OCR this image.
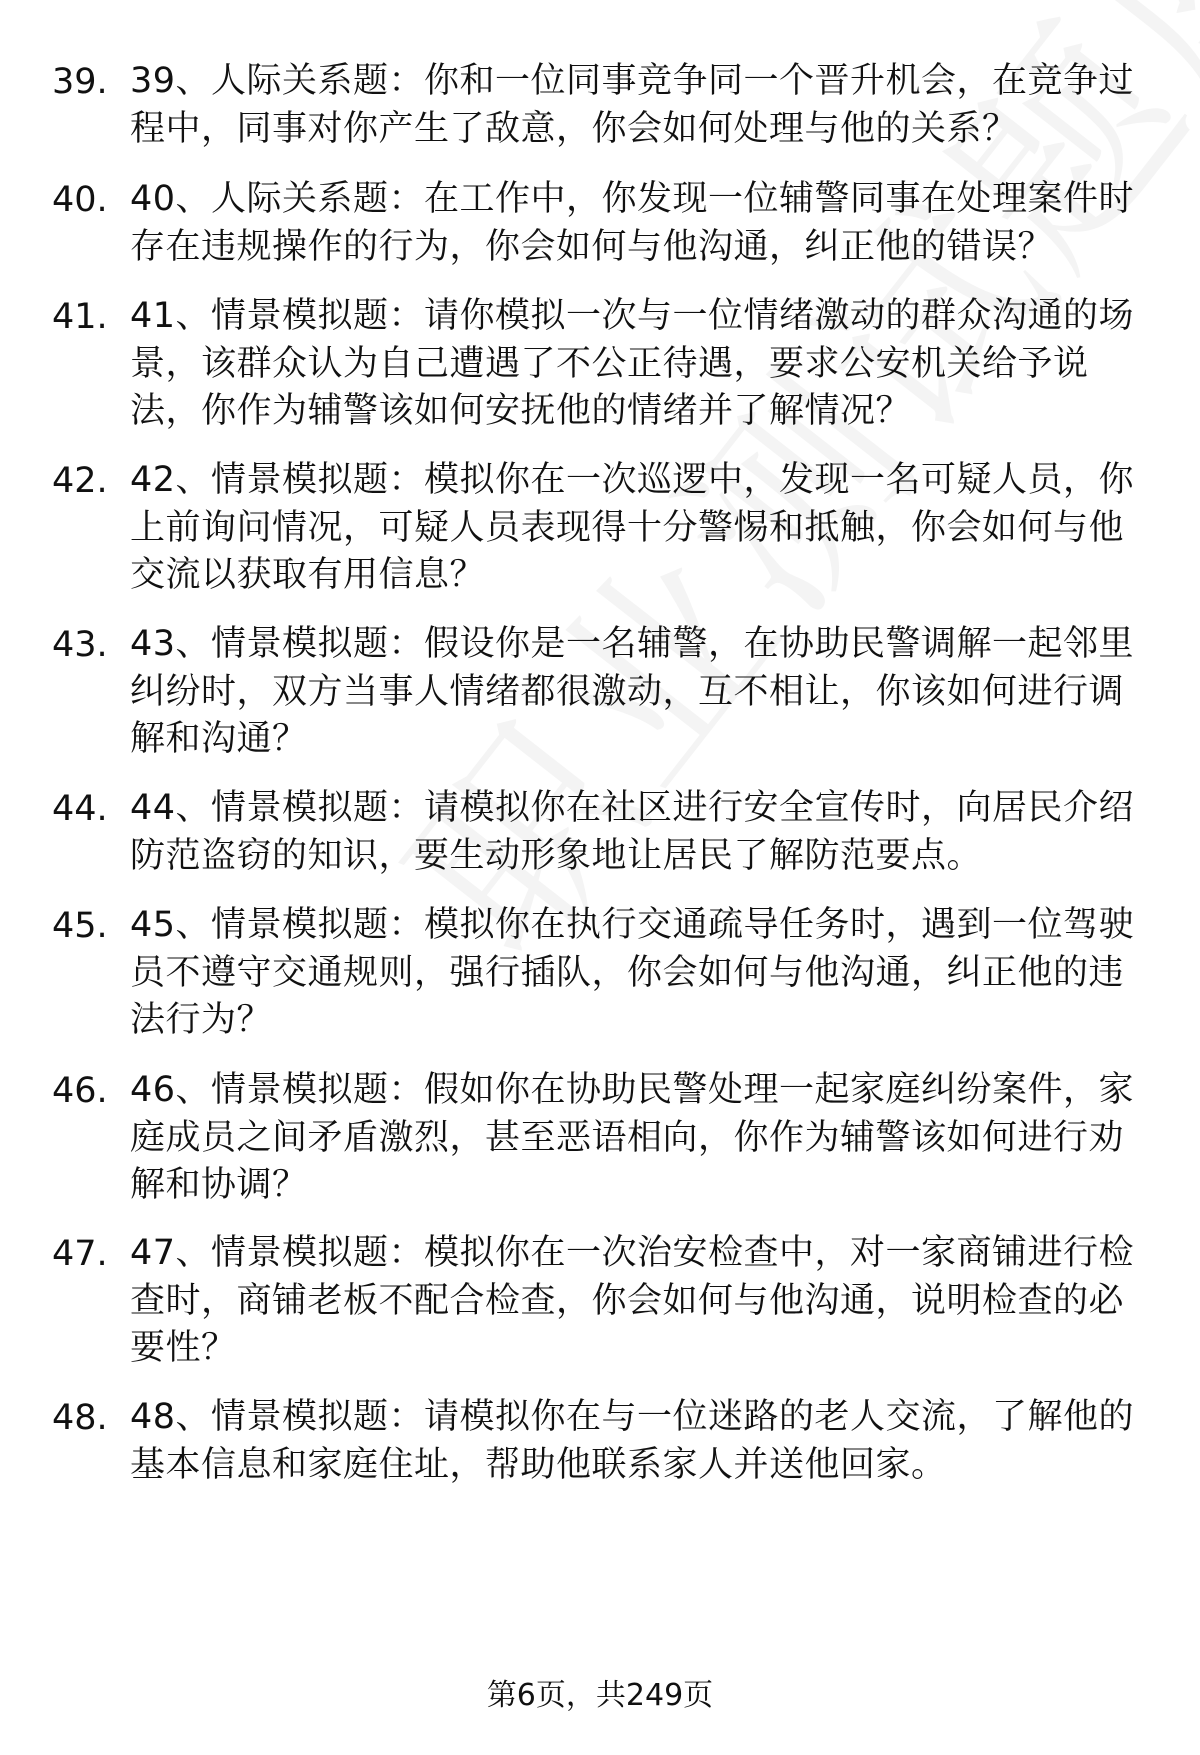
39. 39、人际关系题：你和一位同事竞争同一个晋升机会，在竞争过程中，同事对你产生了敌意，你会如何处理与他的关系？
40. 40、人际关系题：在工作中，你发现一位辅警同事在处理案件时存在违规操作的行为，你会如何与他沟通，纠正他的错误？
41. 41、情景模拟题：请你模拟一次与一位情绪激动的群众沟通的场景，该群众认为自己遭遇了不公正待遇，要求公安机关给予说法，你作为辅警该如何安抚他的情绪并了解情况？
42. 42、情景模拟题：模拟你在一次巡逻中，发现一名可疑人员，你上前询问情况，可疑人员表现得十分警惕和抵触，你会如何与他交流以获取有用信息？
43. 43、情景模拟题：假设你是一名辅警，在协助民警调解一起邻里纠纷时，双方当事人情绪都很激动，互不相让，你该如何进行调解和沟通？
44. 44、情景模拟题：请模拟你在社区进行安全宣传时，向居民介绍防范盗窃的知识，要生动形象地让居民了解防范要点。
45. 45、情景模拟题：模拟你在执行交通疏导任务时，遇到一位驾驶员不遵守交通规则，强行插队，你会如何与他沟通，纠正他的违法行为？
46. 46、情景模拟题：假如你在协助民警处理一起家庭纠纷案件，家庭成员之间矛盾激烈，甚至恶语相向，你作为辅警该如何进行劝解和协调？
47. 47、情景模拟题：模拟你在一次治安检查中，对一家商铺进行检查时，商铺老板不配合检查，你会如何与他沟通，说明检查的必要性？
48. 48、情景模拟题：请模拟你在与一位迷路的老人交流，了解他的基本信息和家庭住址，帮助他联系家人并送他回家。
第6页，共249页
